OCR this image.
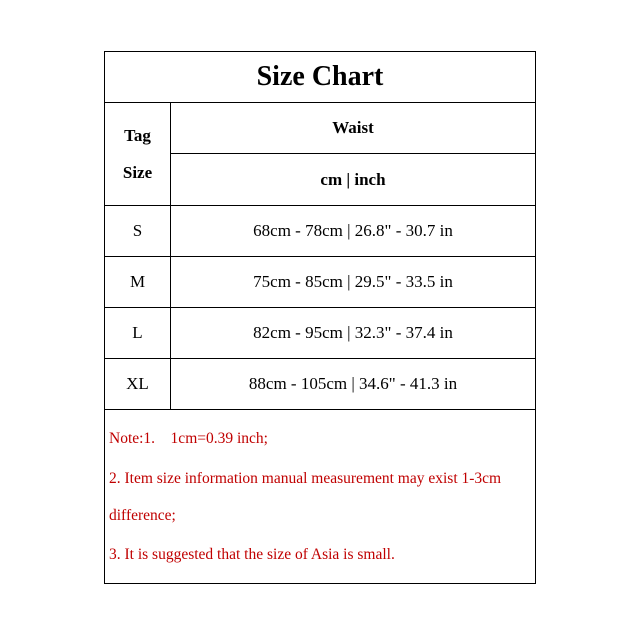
Size Chart
Tag
Size
Waist
cm | inch
S	68cm - 78cm | 26.8" - 30.7 in
M	75cm - 85cm | 29.5" - 33.5 in
L	82cm - 95cm | 32.3" - 37.4 in
XL	88cm - 105cm | 34.6" - 41.3 in
Note:1.    1cm=0.39 inch;
2. Item size information manual measurement may exist 1-3cm
difference;
3. It is suggested that the size of Asia is small.
